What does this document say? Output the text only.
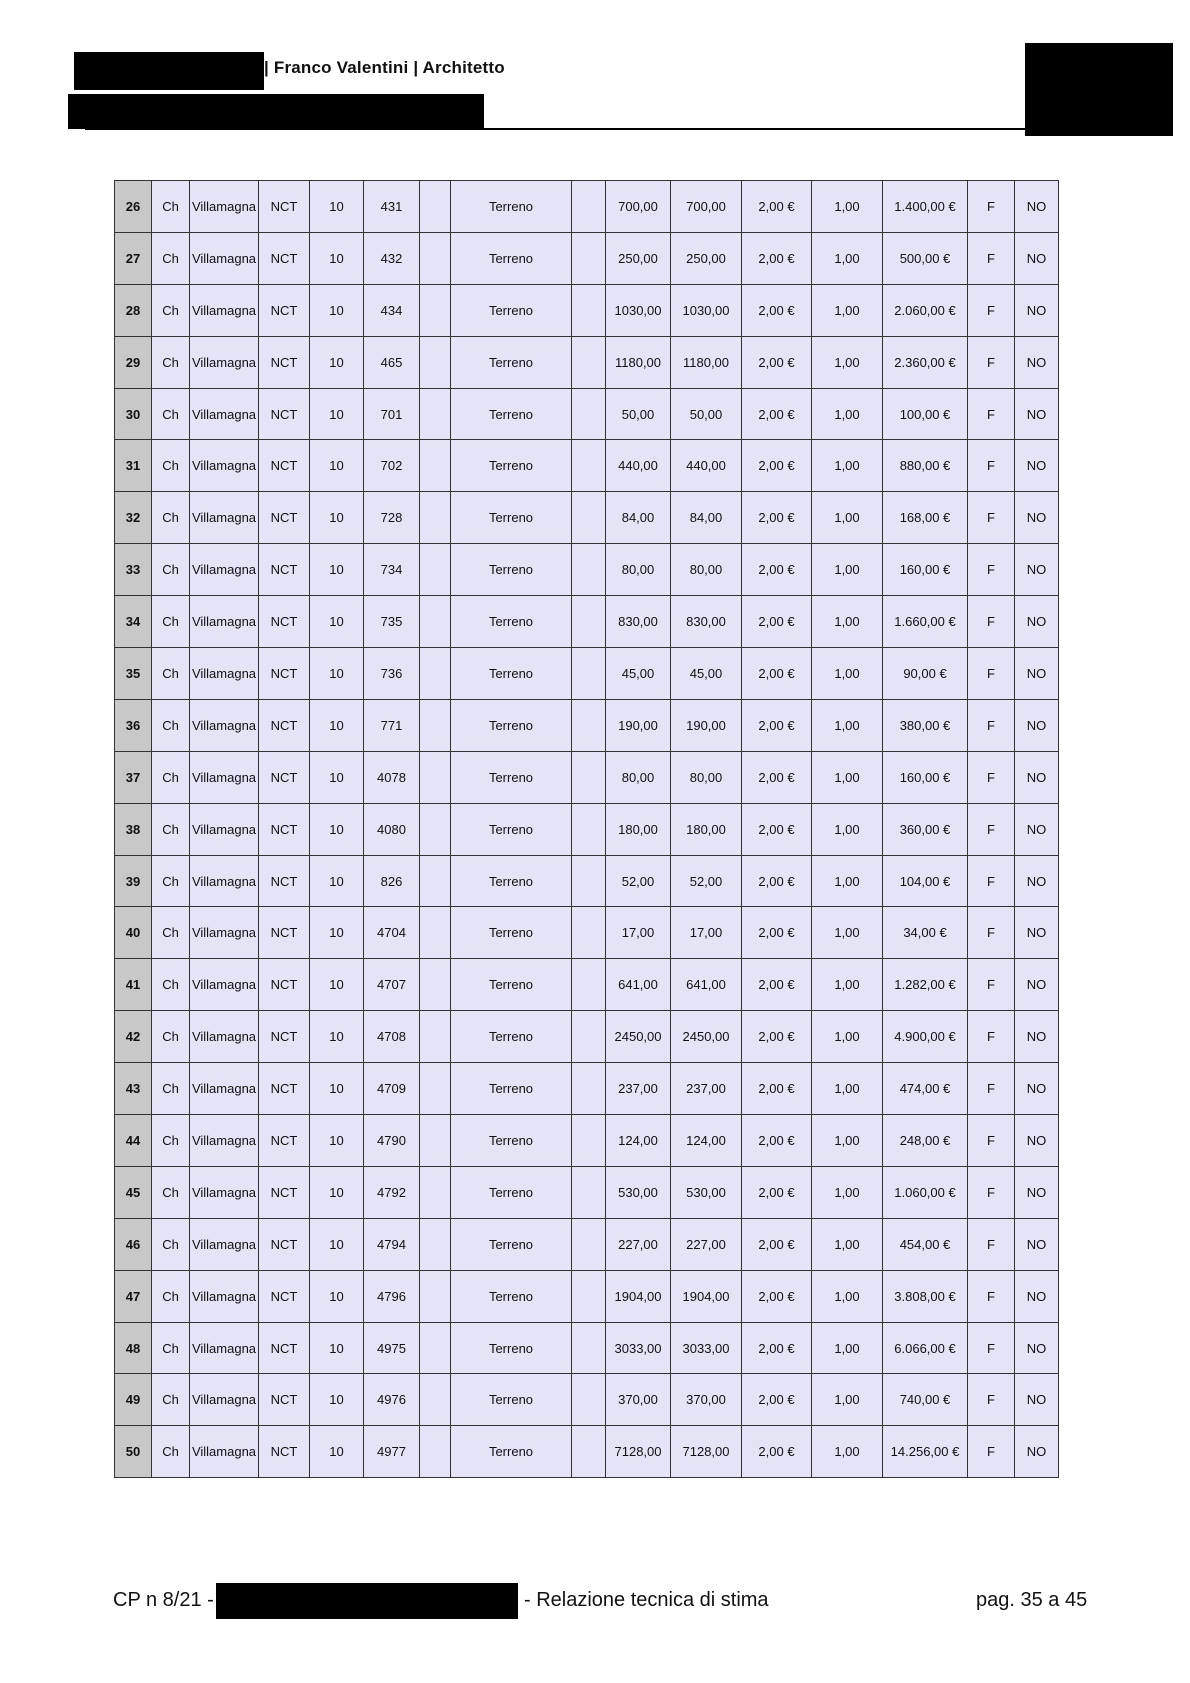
| Franco Valentini | Architetto
26	Ch	Villamagna	NCT	10	431		Terreno		700,00	700,00	2,00 €	1,00	1.400,00 €	F	NO
27	Ch	Villamagna	NCT	10	432		Terreno		250,00	250,00	2,00 €	1,00	500,00 €	F	NO
28	Ch	Villamagna	NCT	10	434		Terreno		1030,00	1030,00	2,00 €	1,00	2.060,00 €	F	NO
29	Ch	Villamagna	NCT	10	465		Terreno		1180,00	1180,00	2,00 €	1,00	2.360,00 €	F	NO
30	Ch	Villamagna	NCT	10	701		Terreno		50,00	50,00	2,00 €	1,00	100,00 €	F	NO
31	Ch	Villamagna	NCT	10	702		Terreno		440,00	440,00	2,00 €	1,00	880,00 €	F	NO
32	Ch	Villamagna	NCT	10	728		Terreno		84,00	84,00	2,00 €	1,00	168,00 €	F	NO
33	Ch	Villamagna	NCT	10	734		Terreno		80,00	80,00	2,00 €	1,00	160,00 €	F	NO
34	Ch	Villamagna	NCT	10	735		Terreno		830,00	830,00	2,00 €	1,00	1.660,00 €	F	NO
35	Ch	Villamagna	NCT	10	736		Terreno		45,00	45,00	2,00 €	1,00	90,00 €	F	NO
36	Ch	Villamagna	NCT	10	771		Terreno		190,00	190,00	2,00 €	1,00	380,00 €	F	NO
37	Ch	Villamagna	NCT	10	4078		Terreno		80,00	80,00	2,00 €	1,00	160,00 €	F	NO
38	Ch	Villamagna	NCT	10	4080		Terreno		180,00	180,00	2,00 €	1,00	360,00 €	F	NO
39	Ch	Villamagna	NCT	10	826		Terreno		52,00	52,00	2,00 €	1,00	104,00 €	F	NO
40	Ch	Villamagna	NCT	10	4704		Terreno		17,00	17,00	2,00 €	1,00	34,00 €	F	NO
41	Ch	Villamagna	NCT	10	4707		Terreno		641,00	641,00	2,00 €	1,00	1.282,00 €	F	NO
42	Ch	Villamagna	NCT	10	4708		Terreno		2450,00	2450,00	2,00 €	1,00	4.900,00 €	F	NO
43	Ch	Villamagna	NCT	10	4709		Terreno		237,00	237,00	2,00 €	1,00	474,00 €	F	NO
44	Ch	Villamagna	NCT	10	4790		Terreno		124,00	124,00	2,00 €	1,00	248,00 €	F	NO
45	Ch	Villamagna	NCT	10	4792		Terreno		530,00	530,00	2,00 €	1,00	1.060,00 €	F	NO
46	Ch	Villamagna	NCT	10	4794		Terreno		227,00	227,00	2,00 €	1,00	454,00 €	F	NO
47	Ch	Villamagna	NCT	10	4796		Terreno		1904,00	1904,00	2,00 €	1,00	3.808,00 €	F	NO
48	Ch	Villamagna	NCT	10	4975		Terreno		3033,00	3033,00	2,00 €	1,00	6.066,00 €	F	NO
49	Ch	Villamagna	NCT	10	4976		Terreno		370,00	370,00	2,00 €	1,00	740,00 €	F	NO
50	Ch	Villamagna	NCT	10	4977		Terreno		7128,00	7128,00	2,00 €	1,00	14.256,00 €	F	NO
CP n 8/21 -	- Relazione tecnica di stima	pag. 35 a 45
